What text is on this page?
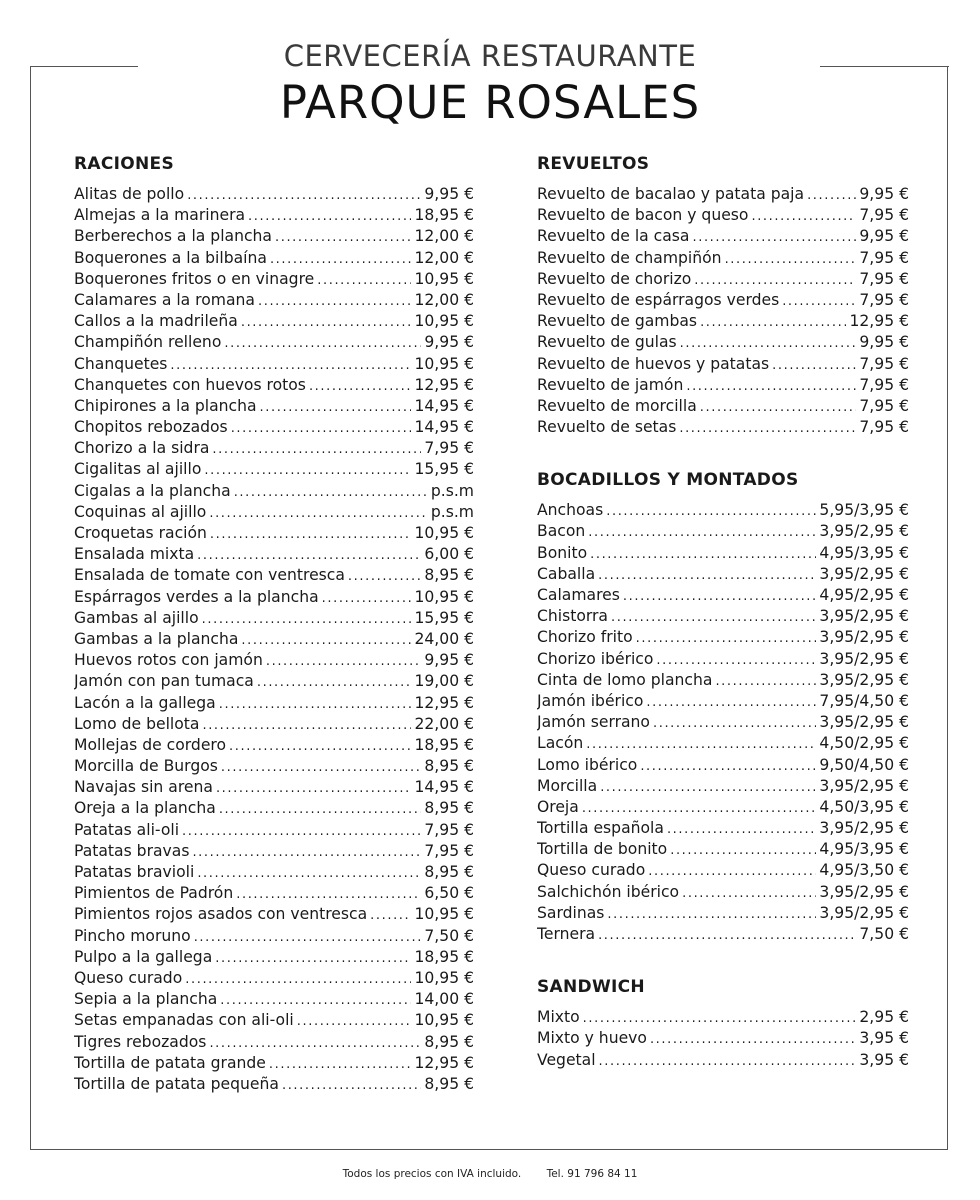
CERVECERÍA RESTAURANTE
PARQUE ROSALES
RACIONES
Alitas de pollo .....	9,95 €
Almejas a la marinera .....	18,95 €
Berberechos a la plancha .....	12,00 €
Boquerones a la bilbaína .....	12,00 €
Boquerones fritos o en vinagre .....	10,95 €
Calamares a la romana .....	12,00 €
Callos a la madrileña .....	10,95 €
Champiñón relleno .....	9,95 €
Chanquetes .....	10,95 €
Chanquetes con huevos rotos .....	12,95 €
Chipirones a la plancha .....	14,95 €
Chopitos rebozados .....	14,95 €
Chorizo a la sidra .....	7,95 €
Cigalitas al ajillo .....	15,95 €
Cigalas a la plancha .....	p.s.m
Coquinas al ajillo .....	p.s.m
Croquetas ración .....	10,95 €
Ensalada mixta .....	6,00 €
Ensalada de tomate con ventresca .....	8,95 €
Espárragos verdes a la plancha .....	10,95 €
Gambas al ajillo .....	15,95 €
Gambas a la plancha .....	24,00 €
Huevos rotos con jamón .....	9,95 €
Jamón con pan tumaca .....	19,00 €
Lacón a la gallega .....	12,95 €
Lomo de bellota .....	22,00 €
Mollejas de cordero .....	18,95 €
Morcilla de Burgos .....	8,95 €
Navajas sin arena .....	14,95 €
Oreja a la plancha .....	8,95 €
Patatas ali-oli .....	7,95 €
Patatas bravas .....	7,95 €
Patatas bravioli .....	8,95 €
Pimientos de Padrón .....	6,50 €
Pimientos rojos asados con ventresca .....	10,95 €
Pincho moruno .....	7,50 €
Pulpo a la gallega .....	18,95 €
Queso curado .....	10,95 €
Sepia a la plancha .....	14,00 €
Setas empanadas con ali-oli .....	10,95 €
Tigres rebozados .....	8,95 €
Tortilla de patata grande .....	12,95 €
Tortilla de patata pequeña .....	8,95 €
REVUELTOS
Revuelto de bacalao y patata paja .....	9,95 €
Revuelto de bacon y queso .....	7,95 €
Revuelto de la casa .....	9,95 €
Revuelto de champiñón .....	7,95 €
Revuelto de chorizo .....	7,95 €
Revuelto de espárragos verdes .....	7,95 €
Revuelto de gambas .....	12,95 €
Revuelto de gulas .....	9,95 €
Revuelto de huevos y patatas .....	7,95 €
Revuelto de jamón .....	7,95 €
Revuelto de morcilla .....	7,95 €
Revuelto de setas .....	7,95 €
BOCADILLOS Y MONTADOS
Anchoas .....	5,95/3,95 €
Bacon .....	3,95/2,95 €
Bonito .....	4,95/3,95 €
Caballa .....	3,95/2,95 €
Calamares .....	4,95/2,95 €
Chistorra .....	3,95/2,95 €
Chorizo frito .....	3,95/2,95 €
Chorizo ibérico .....	3,95/2,95 €
Cinta de lomo plancha .....	3,95/2,95 €
Jamón ibérico .....	7,95/4,50 €
Jamón serrano .....	3,95/2,95 €
Lacón .....	4,50/2,95 €
Lomo ibérico .....	9,50/4,50 €
Morcilla .....	3,95/2,95 €
Oreja .....	4,50/3,95 €
Tortilla española .....	3,95/2,95 €
Tortilla de bonito .....	4,95/3,95 €
Queso curado .....	4,95/3,50 €
Salchichón ibérico .....	3,95/2,95 €
Sardinas .....	3,95/2,95 €
Ternera .....	7,50 €
SANDWICH
Mixto .....	2,95 €
Mixto y huevo .....	3,95 €
Vegetal .....	3,95 €
Todos los precios con IVA incluido. Tel. 91 796 84 11
